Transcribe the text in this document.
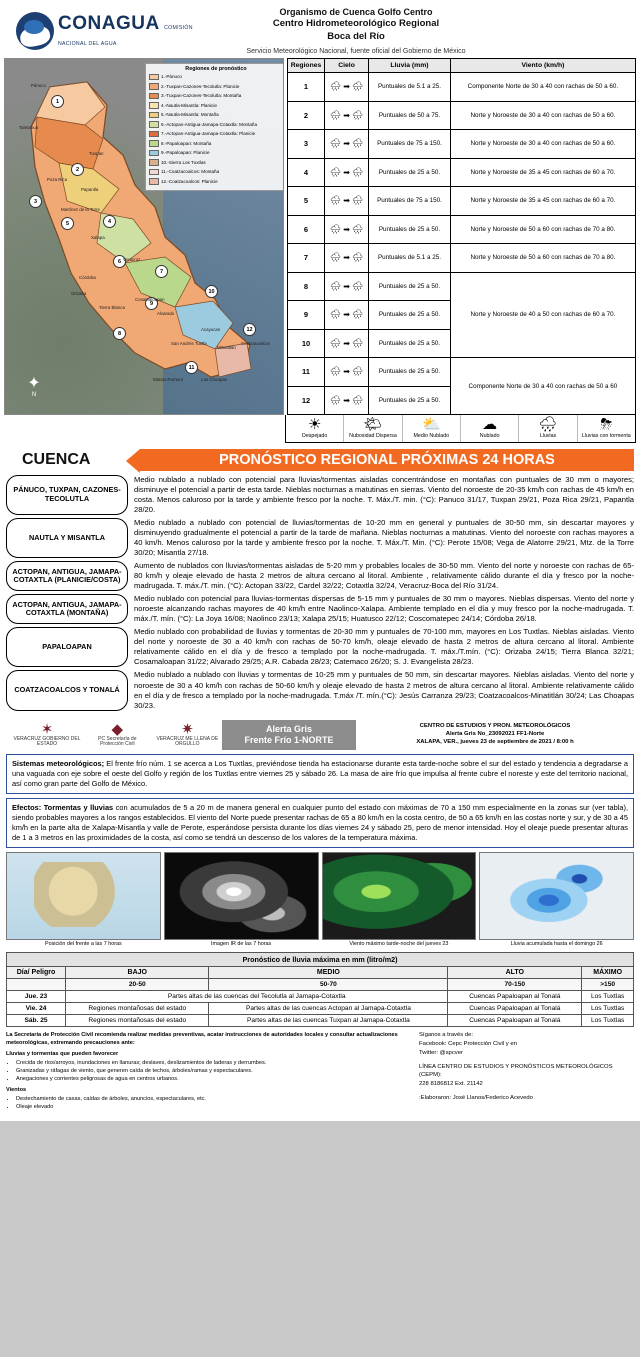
CONAGUA COMISIÓN NACIONAL DEL AGUA
Organismo de Cuenca Golfo Centro
Centro Hidrometeorológico Regional
Boca del Río
Servicio Meteorológico Nacional, fuente oficial del Gobierno de México
Regiones de pronóstico
1.-Pánuco
2.-Tuxpan-Cazones-Tecolutla: Planicie
3.-Tuxpan-Cazones-Tecolutla: Montaña
4.-Nautla-Misantla: Planicie
5.-Nautla-Misantla: Montaña
6.-Actopan-Antigua-Jamapa-Cotaxtla: Montaña
7.-Actopan-Antigua-Jamapa-Cotaxtla: Planicie
8.-Papaloapan: Montaña
9.-Papaloapan: Planicie
10.-Sierra Los Tuxtlas
11.-Coatzacoalcos: Montaña
12.-Coatzacoalcos: Planicie
1
2
3
4
5
6
7
8
9
10
11
12
Pánuco
Tamiahua
Tuxpan
Poza Rica
Papantla
Martínez de la Torre
Xalapa
Veracruz
Córdoba
Orizaba
Tierra Blanca
Cosamaloapan
Alvarado
San Andrés Tuxtla
Acayucan
Minatitlán
Coatzacoalcos
Las Choapas
Matías Romero
✦
N
Regiones	Cielo	Lluvia (mm)	Viento (km/h)
1	🌧 ➡ 🌧	Puntuales de 5.1 a 25.	Componente Norte de 30 a 40 con rachas de 50 a 60.
2	🌧 ➡ 🌧	Puntuales de 50 a 75.	Norte y Noroeste de 30 a 40 con rachas de 50 a 60.
3	🌧 ➡ 🌧	Puntuales de 75 a 150.	Norte y Noroeste de 30 a 40 con rachas de 50 a 60.
4	🌧 ➡ 🌧	Puntuales de 25 a 50.	Norte y Noroeste de 35 a 45 con rachas de 60 a 70.
5	🌧 ➡ 🌧	Puntuales de 75 a 150.	Norte y Noroeste de 35 a 45 con rachas de 60 a 70.
6	🌧 ➡ 🌧	Puntuales de 25 a 50.	Norte y Noroeste de 50 a 60 con rachas de 70 a 80.
7	🌧 ➡ 🌧	Puntuales de 5.1 a 25.	Norte y Noroeste de 50 a 60 con rachas de 70 a 80.
8	🌧 ➡ 🌧	Puntuales de 25 a 50.	Norte y Noroeste de 40 a 50 con rachas de 60 a 70.
9	🌧 ➡ 🌧	Puntuales de 25 a 50.	
10	🌧 ➡ 🌧	Puntuales de 25 a 50.	
11	🌧 ➡ 🌧	Puntuales de 25 a 50.	Componente Norte de 30 a 40 con rachas de 50 a 60
12	🌧 ➡ 🌧	Puntuales de 25 a 50.	
☀
Despejado
🌤
Nubosidad Dispersa
⛅
Medio Nublado
☁
Nublado
🌧
Lluvias
⛈
Lluvias con tormenta
CUENCA	PRONÓSTICO REGIONAL PRÓXIMAS 24 HORAS
PÁNUCO, TUXPAN, CAZONES-TECOLUTLA
Medio nublado a nublado con potencial para lluvias/tormentas aisladas concentrándose en montañas con puntuales de 30 mm o mayores; disminuye el potencial a partir de esta tarde. Nieblas nocturnas a matutinas en sierras. Viento del noroeste de 20-35 km/h con rachas de 45 km/h en costa. Menos caluroso por la tarde y ambiente fresco por la noche. T. Máx./T. min. (°C): Panuco 31/17, Tuxpan 29/21, Poza Rica 29/21, Papantla 28/20.
NAUTLA Y MISANTLA
Medio nublado a nublado con potencial de lluvias/tormentas de 10-20 mm en general y puntuales de 30-50 mm, sin descartar mayores y disminuyendo gradualmente el potencial a partir de la tarde de mañana. Nieblas nocturnas a matutinas. Viento del noroeste con rachas mayores a 40 km/h. Menos caluroso por la tarde y ambiente fresco por la noche. T. Máx./T. Min. (°C): Perote 15/08; Vega de Alatorre 29/21, Mtz. de la Torre 30/20; Misantla 27/18.
ACTOPAN, ANTIGUA, JAMAPA-COTAXTLA (PLANICIE/COSTA)
Aumento de nublados con lluvias/tormentas aisladas de 5-20 mm y probables locales de 30-50 mm. Viento del norte y noroeste con rachas de 65-80 km/h y oleaje elevado de hasta 2 metros de altura cercano al litoral. Ambiente , relativamente cálido durante el día y fresco por la noche-madrugada. T. máx./T. min. (°C): Actopan 33/22, Cardel 32/22; Cotaxtla 32/24, Veracruz-Boca del Río 31/24.
ACTOPAN, ANTIGUA, JAMAPA-COTAXTLA (MONTAÑA)
Medio nublado con potencial para lluvias-tormentas dispersas de 5-15 mm y puntuales de 30 mm o mayores. Nieblas dispersas. Viento del norte y noroeste alcanzando rachas mayores de 40 km/h entre Naolinco-Xalapa. Ambiente templado en el día y muy fresco por la noche-madrugada. T. máx./T. mín. (°C): La Joya 16/08; Naolinco 23/13; Xalapa 25/15; Huatusco 22/12; Coscomatepec 24/14; Córdoba 26/18.
PAPALOAPAN
Medio nublado con probabilidad de lluvias y tormentas de 20-30 mm y puntuales de 70-100 mm, mayores en Los Tuxtlas. Nieblas aisladas. Viento del norte y noroeste de 30 a 40 km/h con rachas de 50-70 km/h, oleaje elevado de hasta 2 metros de altura cercano al litoral. Ambiente relativamente cálido en el día y de fresco a templado por la noche-madrugada. T. máx./T.mín. (°C): Orizaba 24/15; Tierra Blanca 32/21; Cosamaloapan 31/22; Alvarado 29/25; A.R. Cabada 28/23; Catemaco 26/20; S. J. Evangelista 28/23.
COATZACOALCOS Y TONALÁ
Medio nublado a nublado con lluvias y tormentas de 10-25 mm y puntuales de 50 mm, sin descartar mayores. Nieblas aisladas. Viento del norte y noroeste de 30 a 40 km/h con rachas de 50-60 km/h y oleaje elevado de hasta 2 metros de altura cercano al litoral. Ambiente relativamente cálido en el día y de fresco a templado por la noche-madrugada. T.máx /T. mín.(°C): Jesús Carranza 29/23; Coatzacoalcos-Minatitlán 30/24; Las Choapas 30/23.
✶
VERACRUZ GOBIERNO DEL ESTADO
◆
PC Secretaría de Protección Civil
✷
VERACRUZ ME LLENA DE ORGULLO
Alerta Gris
Frente Frío 1-NORTE
CENTRO DE ESTUDIOS Y PRON. METEOROLÓGICOS
Alerta Gris No_23092021 FF1-Norte
XALAPA, VER., jueves 23 de septiembre de 2021 / 8:00 h
Sistemas meteorológicos; El frente frío núm. 1 se acerca a Los Tuxtlas, previéndose tienda ha estacionarse durante esta tarde-noche sobre el sur del estado y tendencia a degradarse a una vaguada con eje sobre el oeste del Golfo y región de los Tuxtlas entre viernes 25 y sábado 26. La masa de aire frío que impulsa al frente cubre el noreste y este del territorio nacional, así como gran parte del Golfo de México.
Efectos: Tormentas y lluvias con acumulados de 5 a 20 m de manera general en cualquier punto del estado con máximas de 70 a 150 mm especialmente en la zonas sur (ver tabla), siendo probables mayores a los rangos establecidos. El viento del Norte puede presentar rachas de 65 a 80 km/h en la costa centro, de 50 a 65 km/h en las costas norte y sur, y de 30 a 45 km/h en la parte alta de Xalapa-Misantla y valle de Perote, esperándose persista durante los días viernes 24 y sábado 25, pero de menor intensidad. Hoy el oleaje puede presentar alturas de 1 a 3 metros en las proximidades de la costa, así como se tendrá un descenso de los valores de la temperatura máxima.
Posición del frente a las 7 horas	Imagen IR de las 7 horas	Viento máximo tarde-noche del jueves 23	Lluvia acumulada hasta el domingo 26
Pronóstico de lluvia máxima en mm (litro/m2)				
Día/ Peligro	BAJO	MEDIO	ALTO	MÁXIMO
	20-50	50-70	70-150	>150
Jue. 23	Partes altas de las cuencas del Tecolutla al Jamapa-Cotaxtla		Cuencas Papaloapan al Tonalá	Los Tuxtlas
Vie. 24	Regiones montañosas del estado	Partes altas de las cuencas Actopan al Jamapa-Cotaxtla	Cuencas Papaloapan al Tonalá	Los Tuxtlas
Sáb. 25	Regiones montañosas del estado	Partes altas de las cuencas Tuxpan al Jamapa-Cotaxtla	Cuencas Papaloapan al Tonalá	Los Tuxtlas
La Secretaría de Protección Civil recomienda realizar medidas preventivas, acatar instrucciones de autoridades locales y consultar actualizaciones meteorológicas, extremando precauciones ante:
Lluvias y tormentas que pueden favorecer
• Crecida de ríos/arroyos, inundaciones en llanuras; deslaves, deslizamientos de laderas y derrumbes.
• Granizadas y ráfagas de viento, que generen caída de techos, árboles/ramas y espectaculares.
• Anegaciones y corrientes peligrosas de agua en centros urbanos.
Vientos
• Destechamiento de casas, caídas de árboles, anuncios, espectaculares, etc.
• Oleaje elevado
Síganos a través de:
Facebook: Cepc Protección Civil y en
Twitter: @spcver
LÍNEA CENTRO DE ESTUDIOS Y PRONÓSTICOS METEOROLÓGICOS (CEPM):
228 8186812 Ext. 21142
:Elaboraron: José Llanos/Federico Acevedo
